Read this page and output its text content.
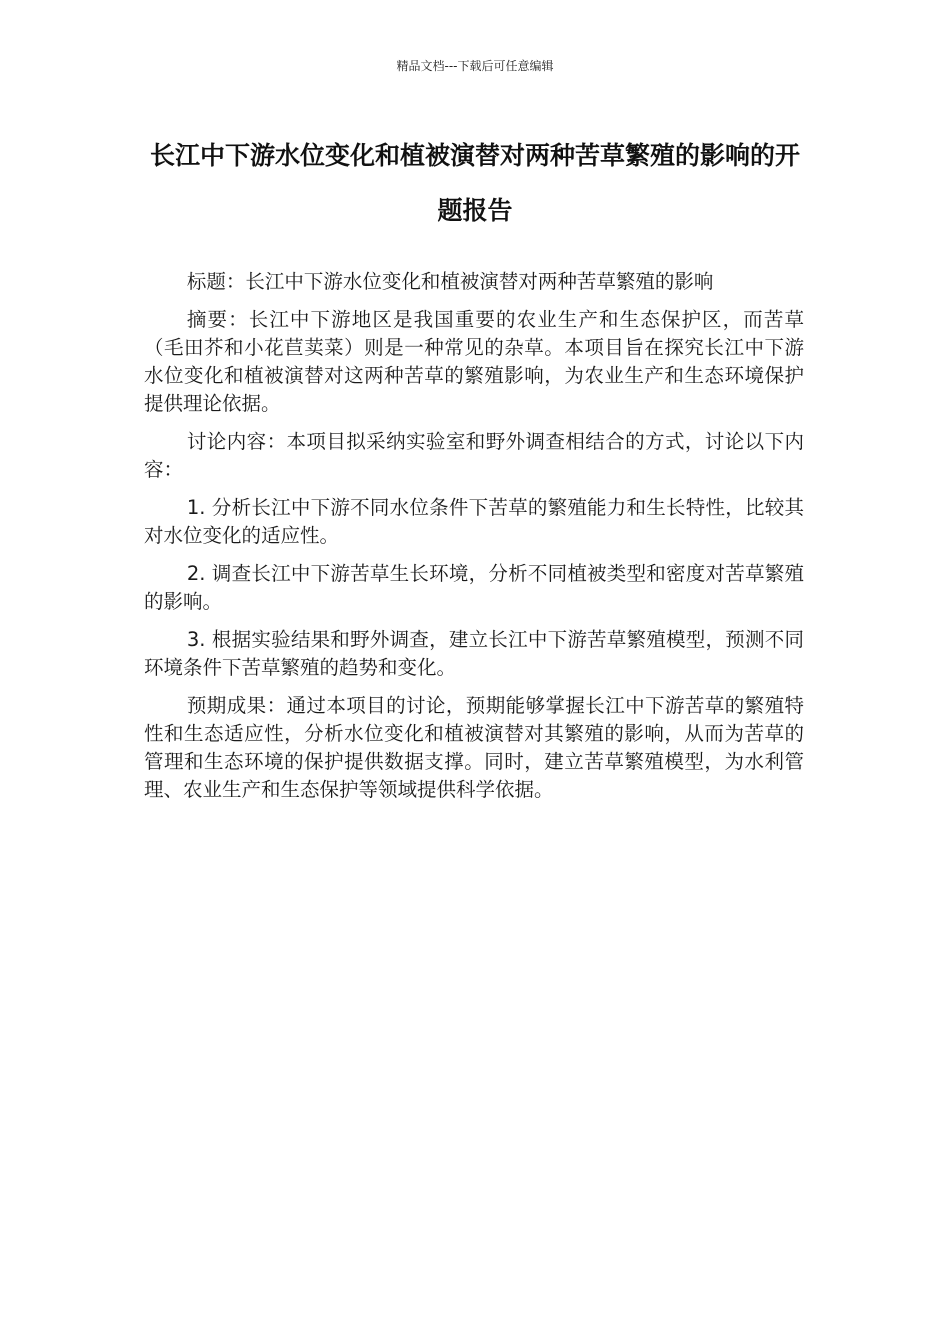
精品文档---下载后可任意编辑
长江中下游水位变化和植被演替对两种苦草繁殖的影响的开题报告

标题：长江中下游水位变化和植被演替对两种苦草繁殖的影响

摘要：长江中下游地区是我国重要的农业生产和生态保护区，而苦草（毛田芥和小花苣荬菜）则是一种常见的杂草。本项目旨在探究长江中下游水位变化和植被演替对这两种苦草的繁殖影响，为农业生产和生态环境保护提供理论依据。

讨论内容：本项目拟采纳实验室和野外调查相结合的方式，讨论以下内容：

1. 分析长江中下游不同水位条件下苦草的繁殖能力和生长特性，比较其对水位变化的适应性。

2. 调查长江中下游苦草生长环境，分析不同植被类型和密度对苦草繁殖的影响。

3. 根据实验结果和野外调查，建立长江中下游苦草繁殖模型，预测不同环境条件下苦草繁殖的趋势和变化。

预期成果：通过本项目的讨论，预期能够掌握长江中下游苦草的繁殖特性和生态适应性，分析水位变化和植被演替对其繁殖的影响，从而为苦草的管理和生态环境的保护提供数据支撑。同时，建立苦草繁殖模型，为水利管理、农业生产和生态保护等领域提供科学依据。
